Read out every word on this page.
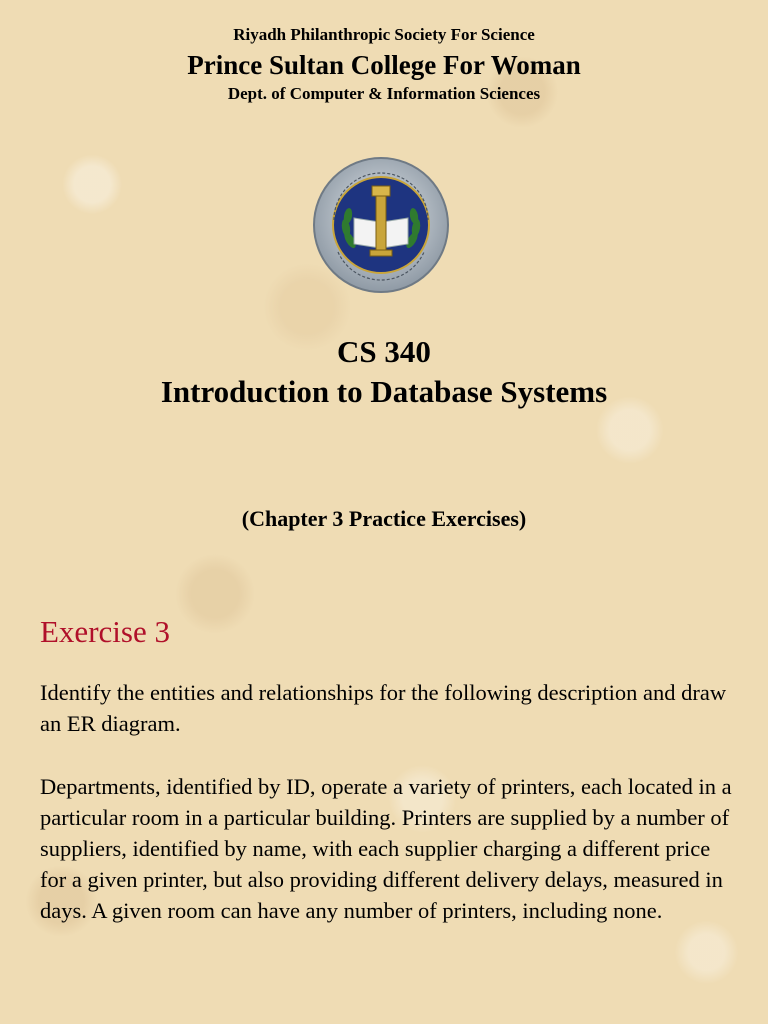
Riyadh Philanthropic Society For Science
Prince Sultan College For Woman
Dept. of Computer & Information Sciences
CS 340
Introduction to Database Systems
(Chapter 3 Practice Exercises)
Exercise 3

Identify the entities and relationships for the following description and draw an ER diagram.

Departments, identified by ID, operate a variety of printers, each located in a particular room in a particular building. Printers are supplied by a number of suppliers, identified by name, with each supplier charging a different price for a given printer, but also providing different delivery delays, measured in days. A given room can have any number of printers, including none.
